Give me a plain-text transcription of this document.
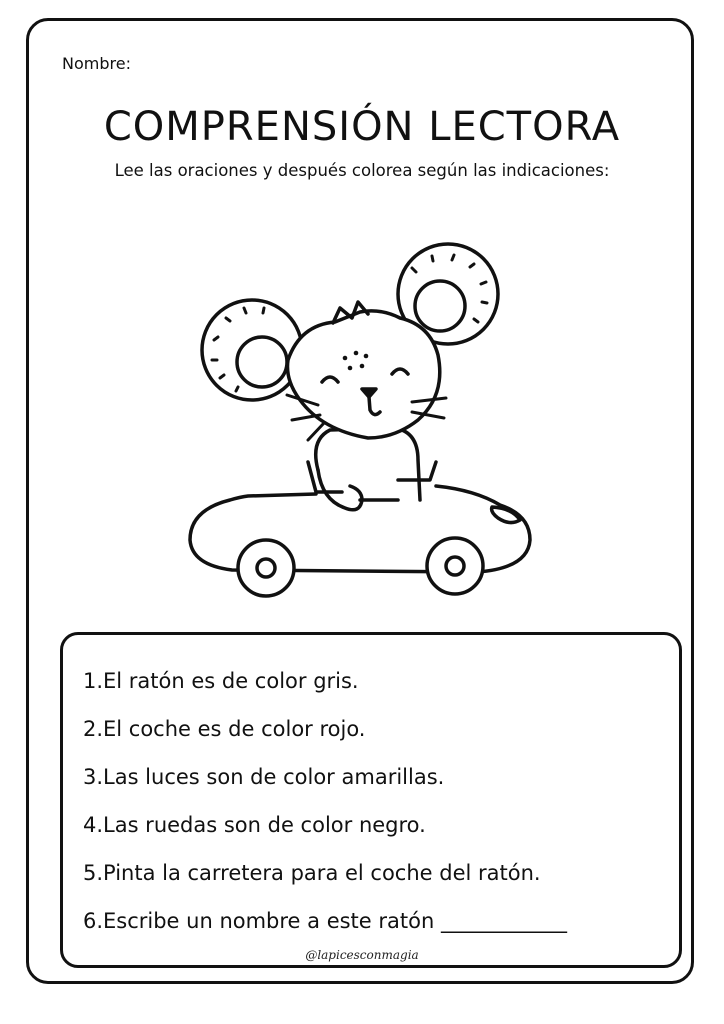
Nombre:
COMPRENSIÓN LECTORA
Lee las oraciones y después colorea según las indicaciones:
1.El ratón es de color gris.
2.El coche es de color rojo.
3.Las luces son de color amarillas.
4.Las ruedas son de color negro.
5.Pinta la carretera para el coche del ratón.
6.Escribe un nombre a este ratón ____________
@lapicesconmagia
